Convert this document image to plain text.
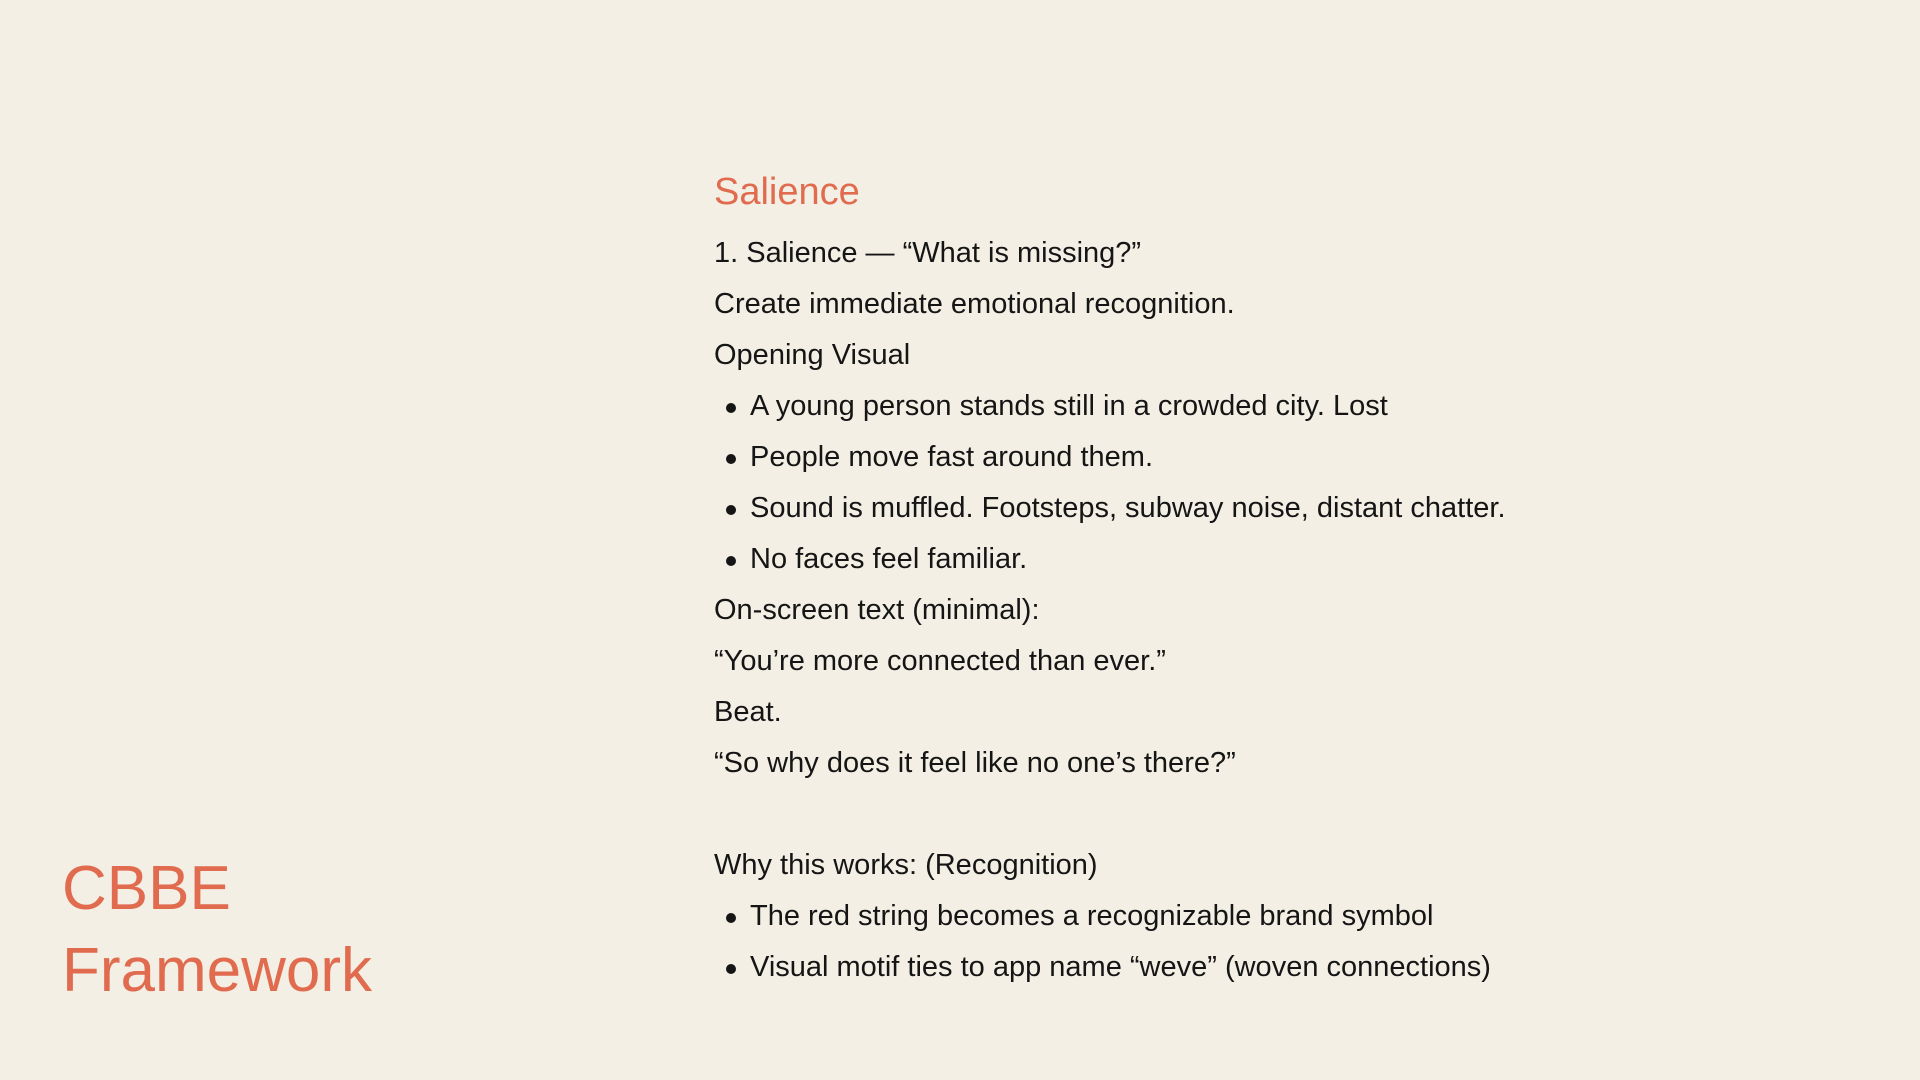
CBBE
Framework
Salience

1. Salience — “What is missing?”

Create immediate emotional recognition.

Opening Visual

A young person stands still in a crowded city. Lost
People move fast around them.
Sound is muffled. Footsteps, subway noise, distant chatter.
No faces feel familiar.

On-screen text (minimal):

“You’re more connected than ever.”

Beat.

“So why does it feel like no one’s there?”

Why this works: (Recognition)

The red string becomes a recognizable brand symbol
Visual motif ties to app name “weve” (woven connections)
